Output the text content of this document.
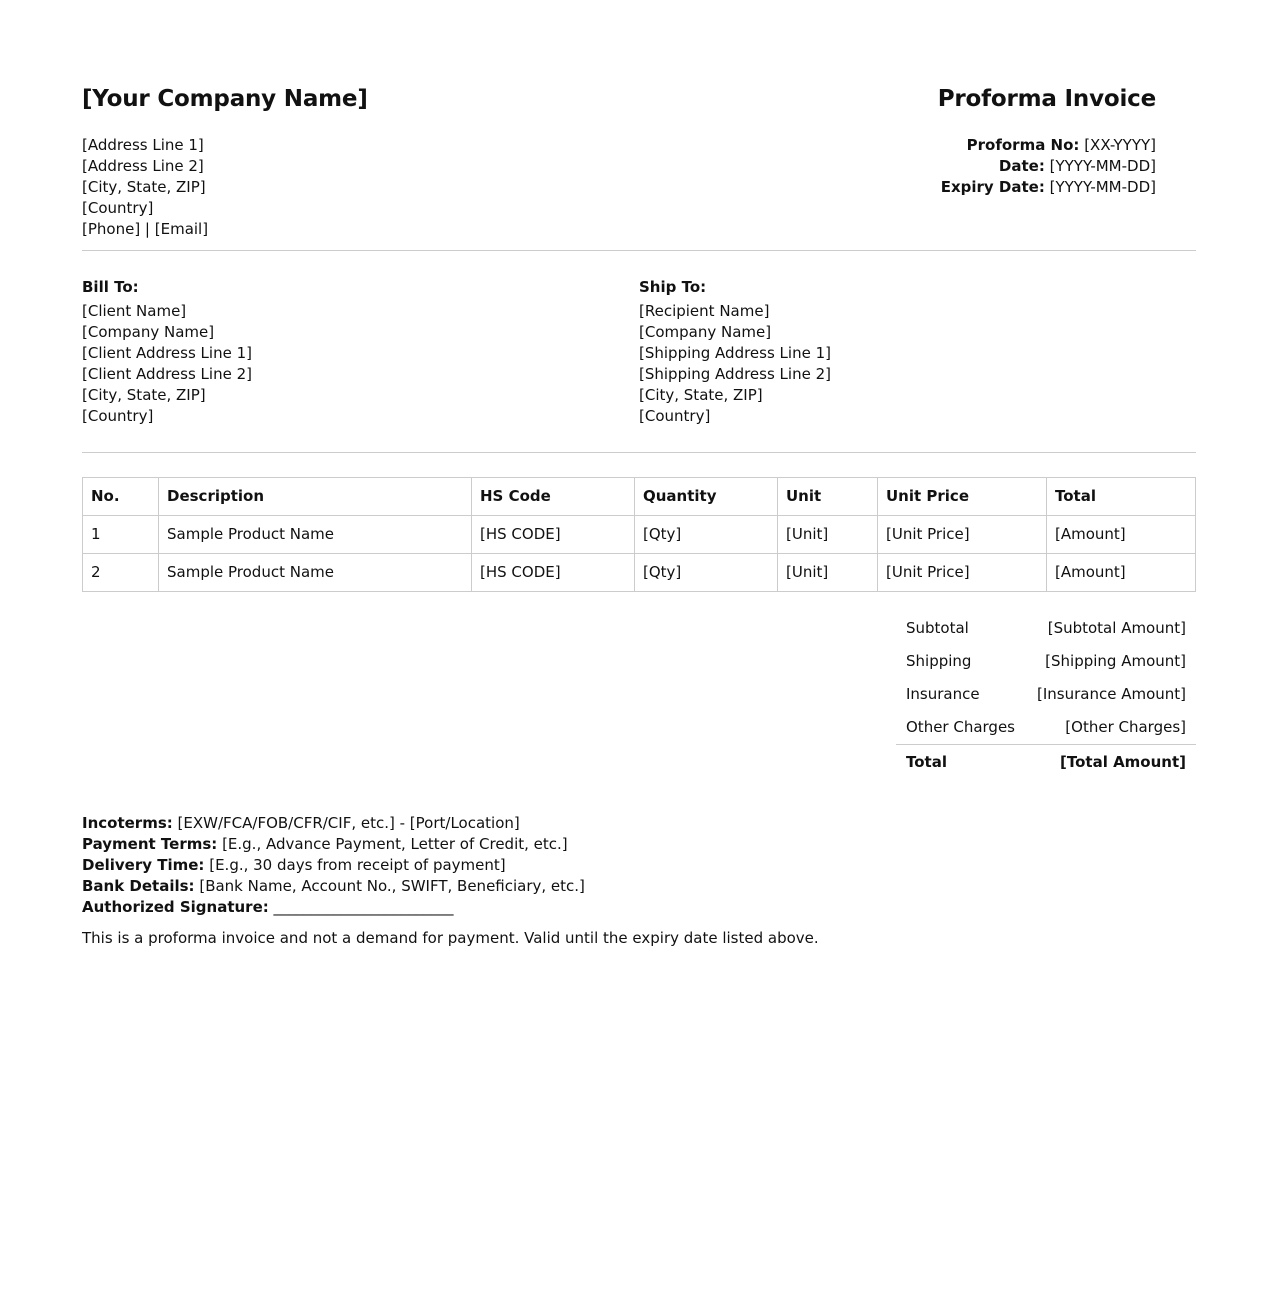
[Your Company Name]
[Address Line 1]
[Address Line 2]
[City, State, ZIP]
[Country]
[Phone] | [Email]
Proforma Invoice
Proforma No: [XX-YYYY]
Date: [YYYY-MM-DD]
Expiry Date: [YYYY-MM-DD]
Bill To:
[Client Name]
[Company Name]
[Client Address Line 1]
[Client Address Line 2]
[City, State, ZIP]
[Country]
Ship To:
[Recipient Name]
[Company Name]
[Shipping Address Line 1]
[Shipping Address Line 2]
[City, State, ZIP]
[Country]
No.	Description	HS Code	Quantity	Unit	Unit Price	Total
1	Sample Product Name	[HS CODE]	[Qty]	[Unit]	[Unit Price]	[Amount]
2	Sample Product Name	[HS CODE]	[Qty]	[Unit]	[Unit Price]	[Amount]
Subtotal	[Subtotal Amount]
Shipping	[Shipping Amount]
Insurance	[Insurance Amount]
Other Charges	[Other Charges]
Total	[Total Amount]
Incoterms: [EXW/FCA/FOB/CFR/CIF, etc.] - [Port/Location]
Payment Terms: [E.g., Advance Payment, Letter of Credit, etc.]
Delivery Time: [E.g., 30 days from receipt of payment]
Bank Details: [Bank Name, Account No., SWIFT, Beneficiary, etc.]
Authorized Signature: ________________________
This is a proforma invoice and not a demand for payment. Valid until the expiry date listed above.
